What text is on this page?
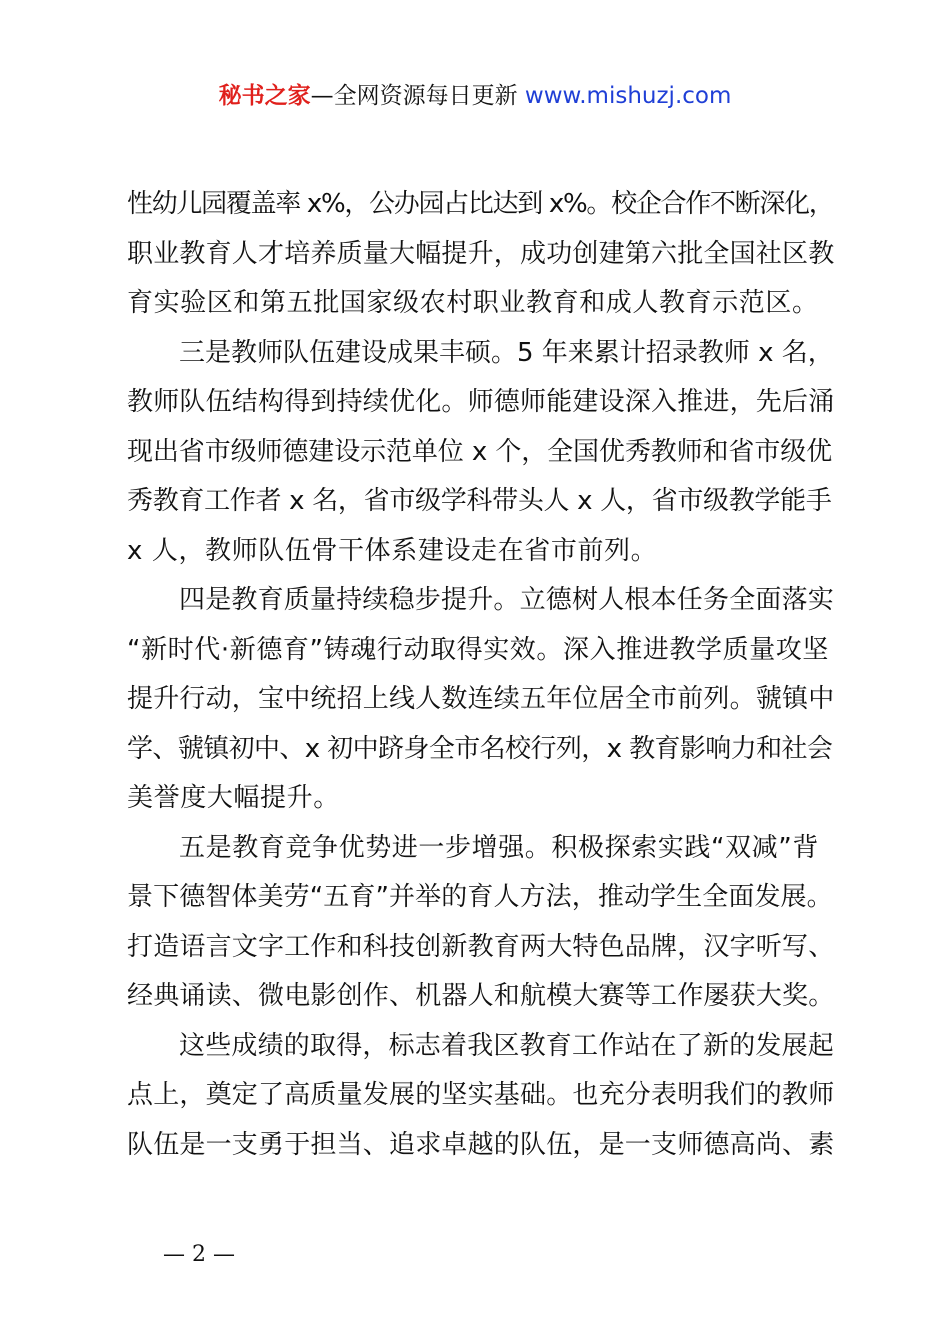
秘书之家—全网资源每日更新 www.mishuzj.com
性幼儿园覆盖率 x%，公办园占比达到 x%。校企合作不断深化，
职业教育人才培养质量大幅提升，成功创建第六批全国社区教
育实验区和第五批国家级农村职业教育和成人教育示范区。
三是教师队伍建设成果丰硕。5 年来累计招录教师 x 名，
教师队伍结构得到持续优化。师德师能建设深入推进，先后涌
现出省市级师德建设示范单位 x 个，全国优秀教师和省市级优
秀教育工作者 x 名，省市级学科带头人 x 人，省市级教学能手
x 人，教师队伍骨干体系建设走在省市前列。
四是教育质量持续稳步提升。立德树人根本任务全面落实
“新时代·新德育”铸魂行动取得实效。深入推进教学质量攻坚
提升行动，宝中统招上线人数连续五年位居全市前列。虢镇中
学、虢镇初中、x 初中跻身全市名校行列，x 教育影响力和社会
美誉度大幅提升。
五是教育竞争优势进一步增强。积极探索实践“双减”背
景下德智体美劳“五育”并举的育人方法，推动学生全面发展。
打造语言文字工作和科技创新教育两大特色品牌，汉字听写、
经典诵读、微电影创作、机器人和航模大赛等工作屡获大奖。
这些成绩的取得，标志着我区教育工作站在了新的发展起
点上，奠定了高质量发展的坚实基础。也充分表明我们的教师
队伍是一支勇于担当、追求卓越的队伍，是一支师德高尚、素
— 2 —
